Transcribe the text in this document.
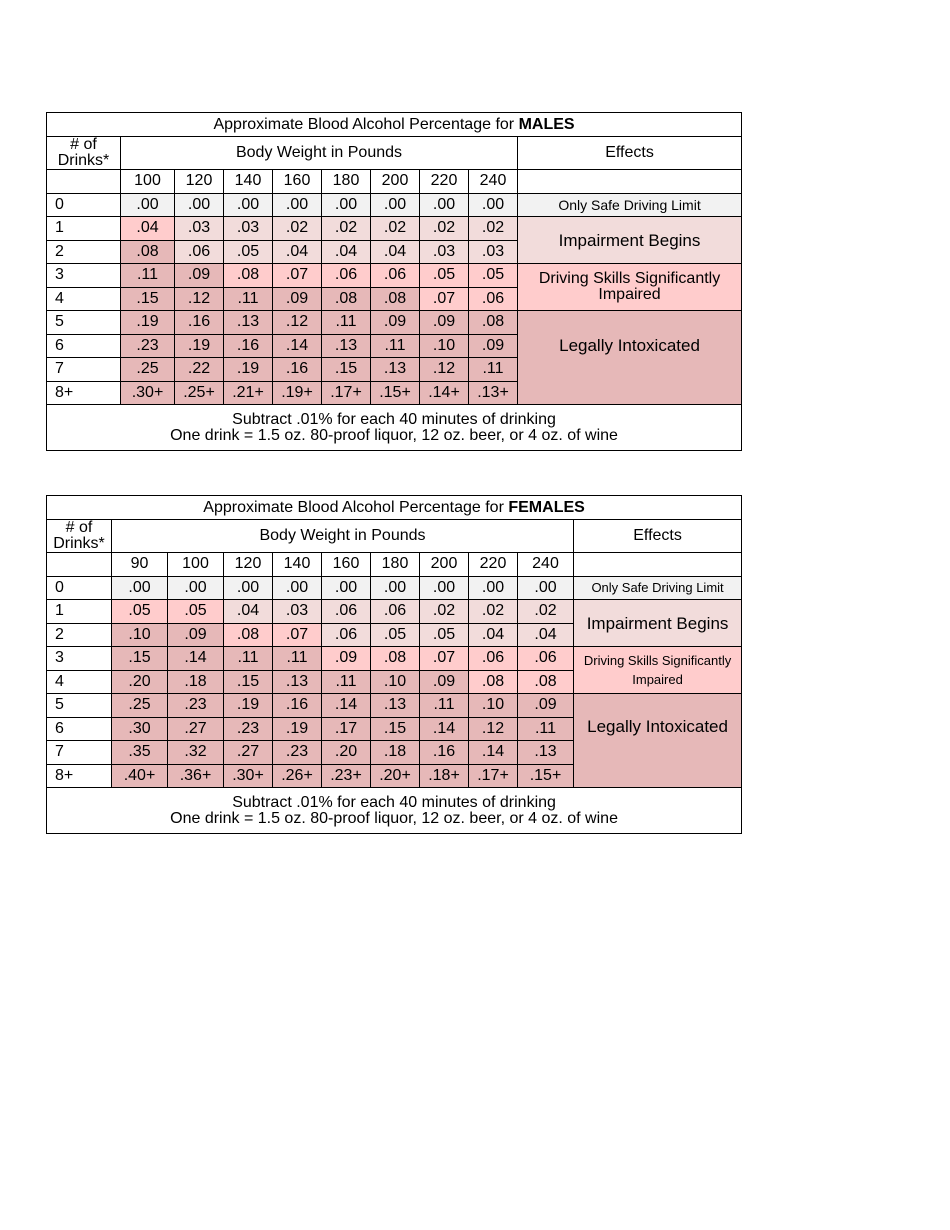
Approximate Blood Alcohol Percentage for MALES									
# of
Drinks*	Body Weight in Pounds								Effects
	100	120	140	160	180	200	220	240	
0	.00	.00	.00	.00	.00	.00	.00	.00	Only Safe Driving Limit
1	.04	.03	.03	.02	.02	.02	.02	.02	Impairment Begins
2	.08	.06	.05	.04	.04	.04	.03	.03	
3	.11	.09	.08	.07	.06	.06	.05	.05	Driving Skills Significantly Impaired
4	.15	.12	.11	.09	.08	.08	.07	.06	
5	.19	.16	.13	.12	.11	.09	.09	.08	Legally Intoxicated
6	.23	.19	.16	.14	.13	.11	.10	.09	
7	.25	.22	.19	.16	.15	.13	.12	.11	
8+	.30+	.25+	.21+	.19+	.17+	.15+	.14+	.13+	
Subtract .01% for each 40 minutes of drinking
One drink = 1.5 oz. 80-proof liquor, 12 oz. beer, or 4 oz. of wine									
Approximate Blood Alcohol Percentage for FEMALES										
# of
Drinks*	Body Weight in Pounds									Effects
	90	100	120	140	160	180	200	220	240	
0	.00	.00	.00	.00	.00	.00	.00	.00	.00	Only Safe Driving Limit
1	.05	.05	.04	.03	.06	.06	.02	.02	.02	Impairment Begins
2	.10	.09	.08	.07	.06	.05	.05	.04	.04	
3	.15	.14	.11	.11	.09	.08	.07	.06	.06	Driving Skills Significantly Impaired
4	.20	.18	.15	.13	.11	.10	.09	.08	.08	
5	.25	.23	.19	.16	.14	.13	.11	.10	.09	Legally Intoxicated
6	.30	.27	.23	.19	.17	.15	.14	.12	.11	
7	.35	.32	.27	.23	.20	.18	.16	.14	.13	
8+	.40+	.36+	.30+	.26+	.23+	.20+	.18+	.17+	.15+	
Subtract .01% for each 40 minutes of drinking
One drink = 1.5 oz. 80-proof liquor, 12 oz. beer, or 4 oz. of wine										
